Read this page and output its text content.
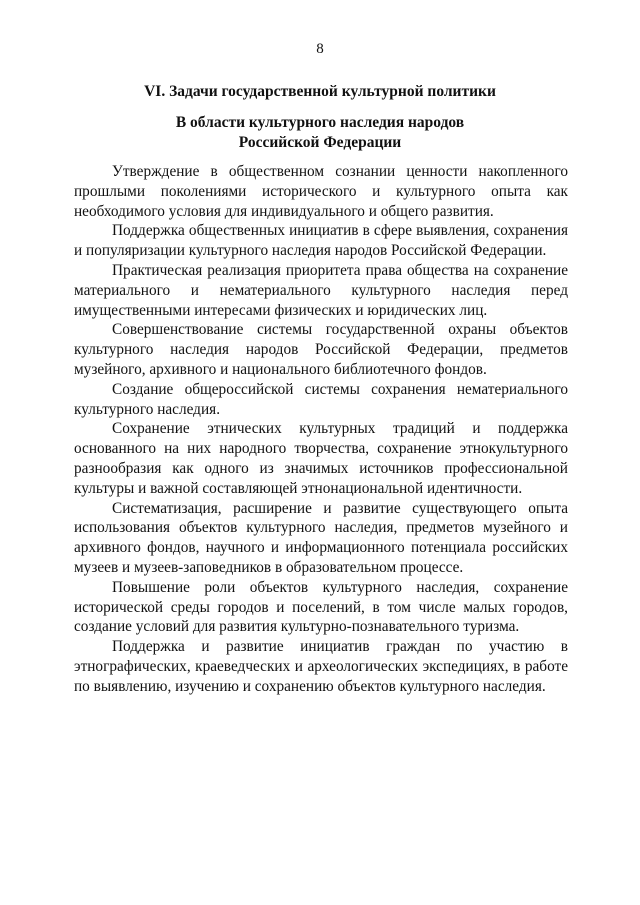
8
VI. Задачи государственной культурной политики
В области культурного наследия народов
Российской Федерации

Утверждение в общественном сознании ценности накопленного прошлыми поколениями исторического и культурного опыта как необходимого условия для индивидуального и общего развития.

Поддержка общественных инициатив в сфере выявления, сохранения и популяризации культурного наследия народов Российской Федерации.

Практическая реализация приоритета права общества на сохранение материального и нематериального культурного наследия перед имущественными интересами физических и юридических лиц.

Совершенствование системы государственной охраны объектов культурного наследия народов Российской Федерации, предметов музейного, архивного и национального библиотечного фондов.

Создание общероссийской системы сохранения нематериального культурного наследия.

Сохранение этнических культурных традиций и поддержка основанного на них народного творчества, сохранение этнокультурного разнообразия как одного из значимых источников профессиональной культуры и важной составляющей этнонациональной идентичности.

Систематизация, расширение и развитие существующего опыта использования объектов культурного наследия, предметов музейного и архивного фондов, научного и информационного потенциала российских музеев и музеев-заповедников в образовательном процессе.

Повышение роли объектов культурного наследия, сохранение исторической среды городов и поселений, в том числе малых городов, создание условий для развития культурно-познавательного туризма.

Поддержка и развитие инициатив граждан по участию в этнографических, краеведческих и археологических экспедициях, в работе по выявлению, изучению и сохранению объектов культурного наследия.
